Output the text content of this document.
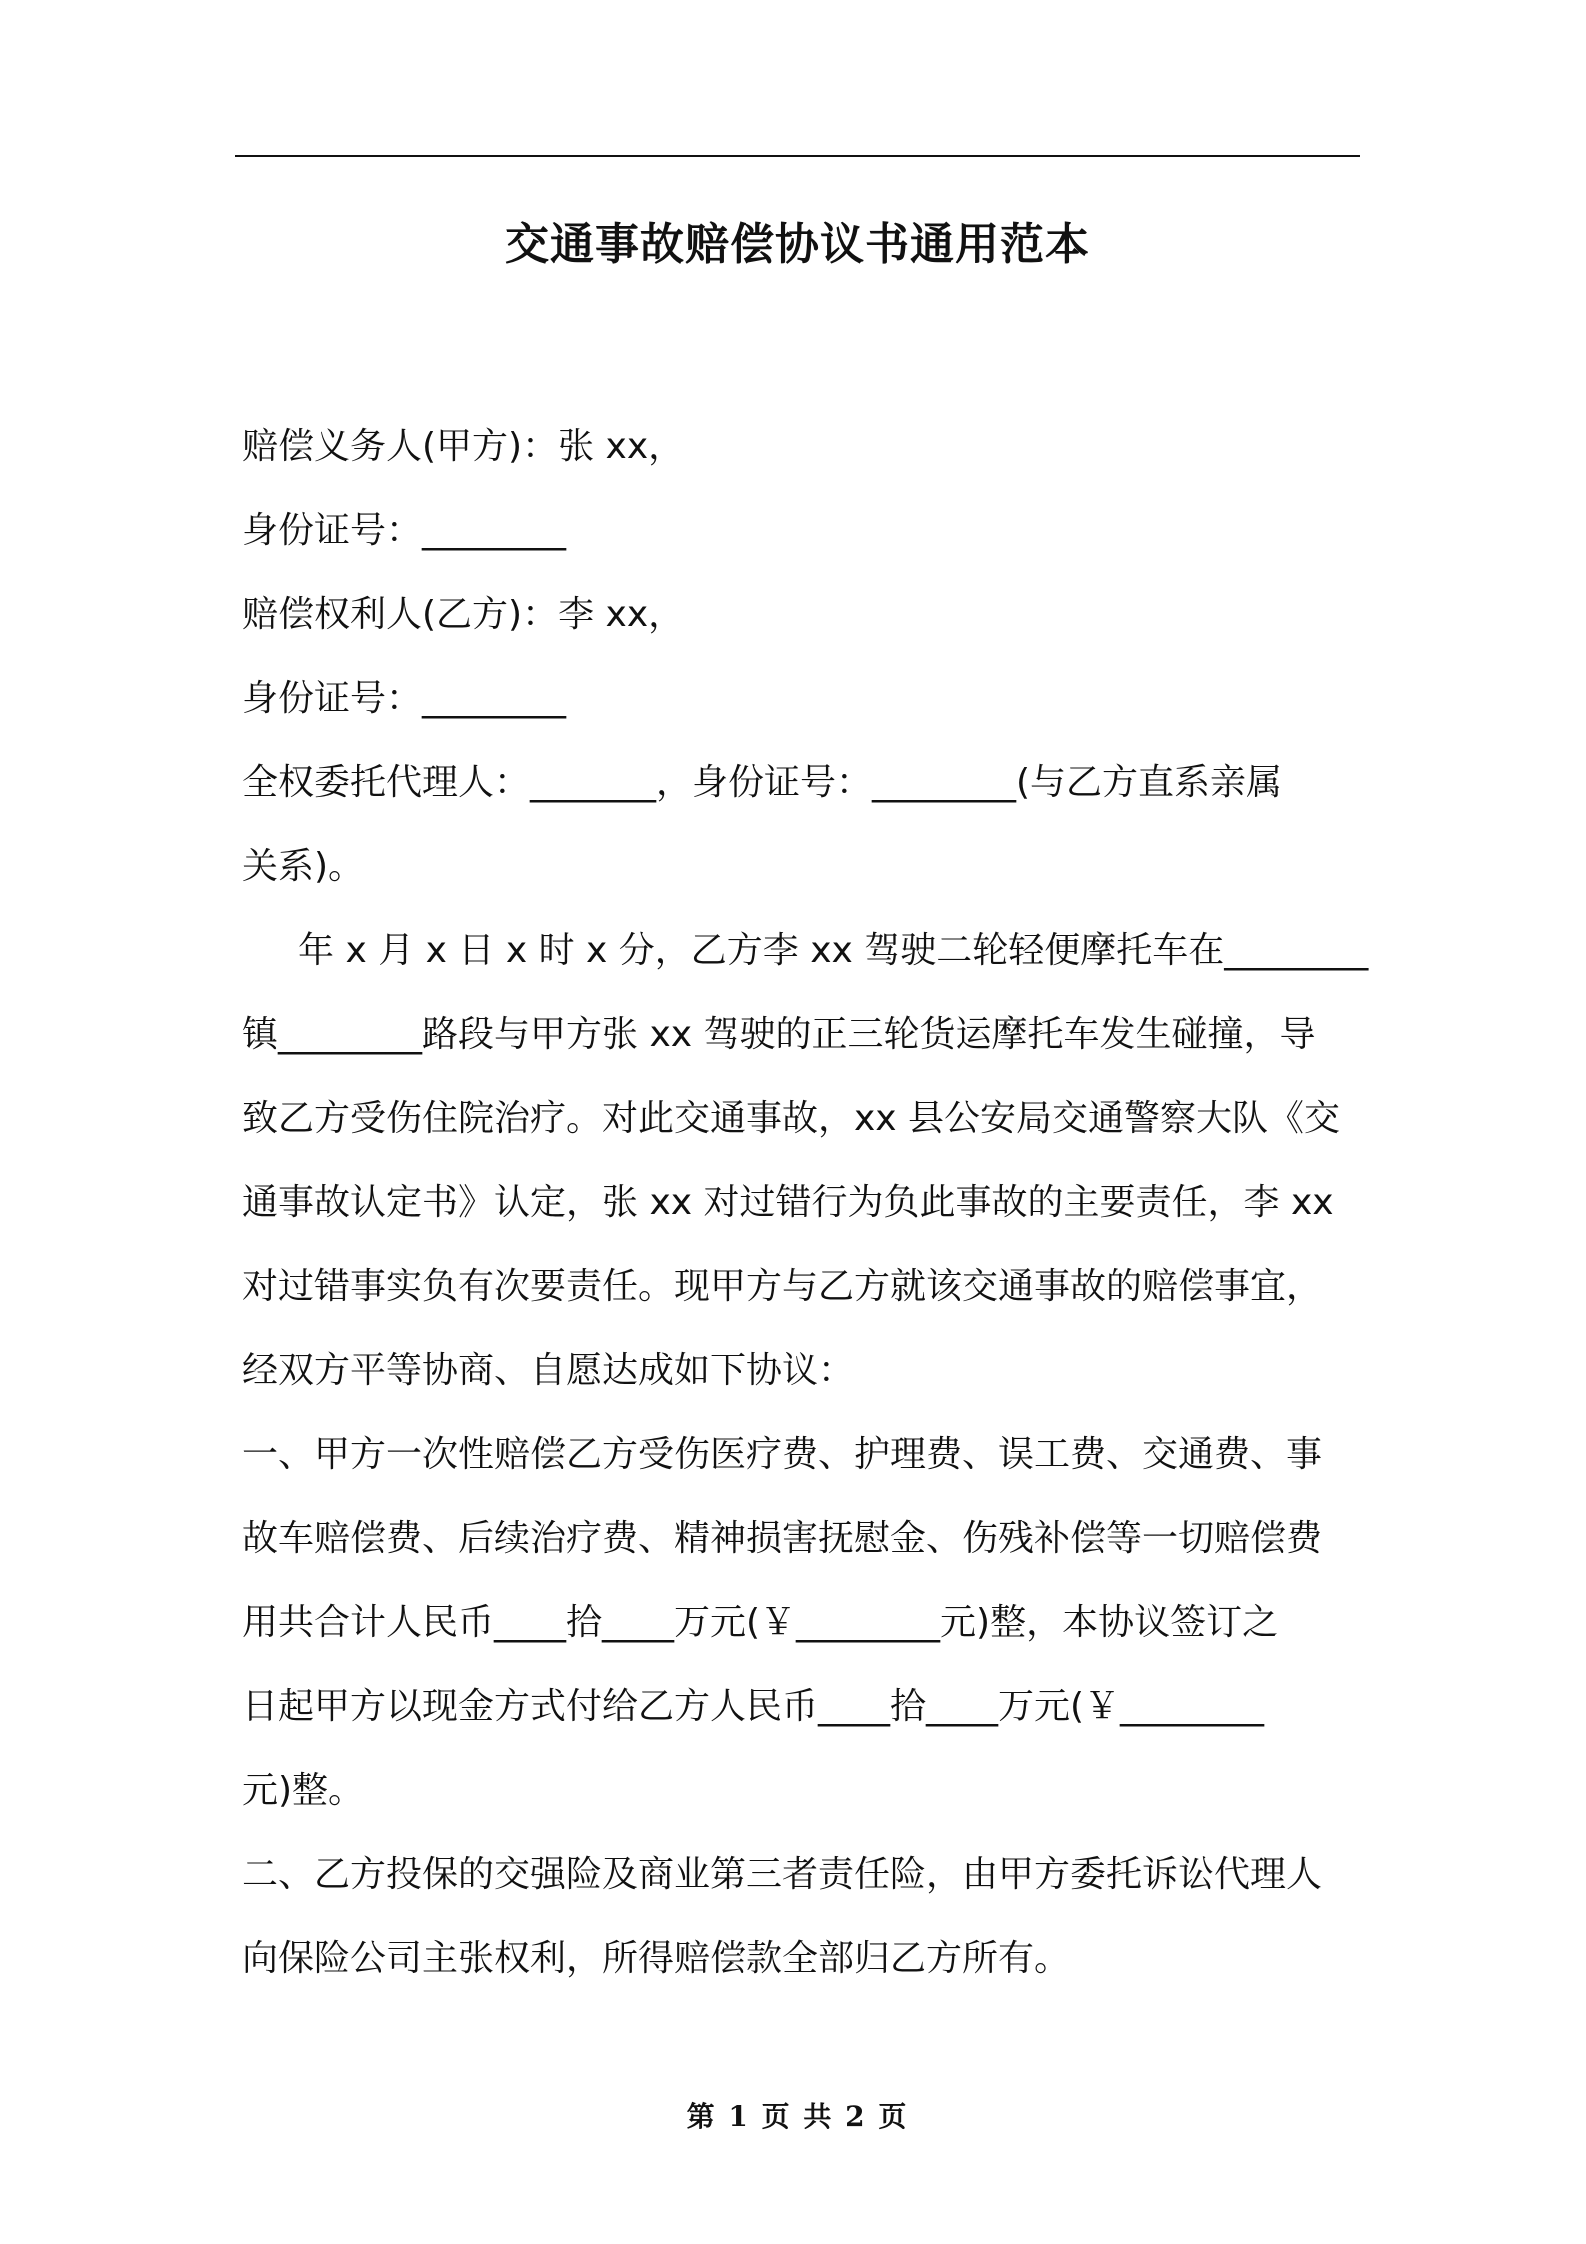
交通事故赔偿协议书通用范本
赔偿义务人(甲方)：张 xx，
身份证号：________
赔偿权利人(乙方)：李 xx，
身份证号：________
全权委托代理人：_______，身份证号：________(与乙方直系亲属
关系)。
年 x 月 x 日 x 时 x 分，乙方李 xx 驾驶二轮轻便摩托车在________
镇________路段与甲方张 xx 驾驶的正三轮货运摩托车发生碰撞，导
致乙方受伤住院治疗。对此交通事故，xx 县公安局交通警察大队《交
通事故认定书》认定，张 xx 对过错行为负此事故的主要责任，李 xx
对过错事实负有次要责任。现甲方与乙方就该交通事故的赔偿事宜，
经双方平等协商、自愿达成如下协议：
一、甲方一次性赔偿乙方受伤医疗费、护理费、误工费、交通费、事
故车赔偿费、后续治疗费、精神损害抚慰金、伤残补偿等一切赔偿费
用共合计人民币____拾____万元(￥________元)整，本协议签订之
日起甲方以现金方式付给乙方人民币____拾____万元(￥________
元)整。
二、乙方投保的交强险及商业第三者责任险，由甲方委托诉讼代理人
向保险公司主张权利，所得赔偿款全部归乙方所有。
第 1 页 共 2 页
